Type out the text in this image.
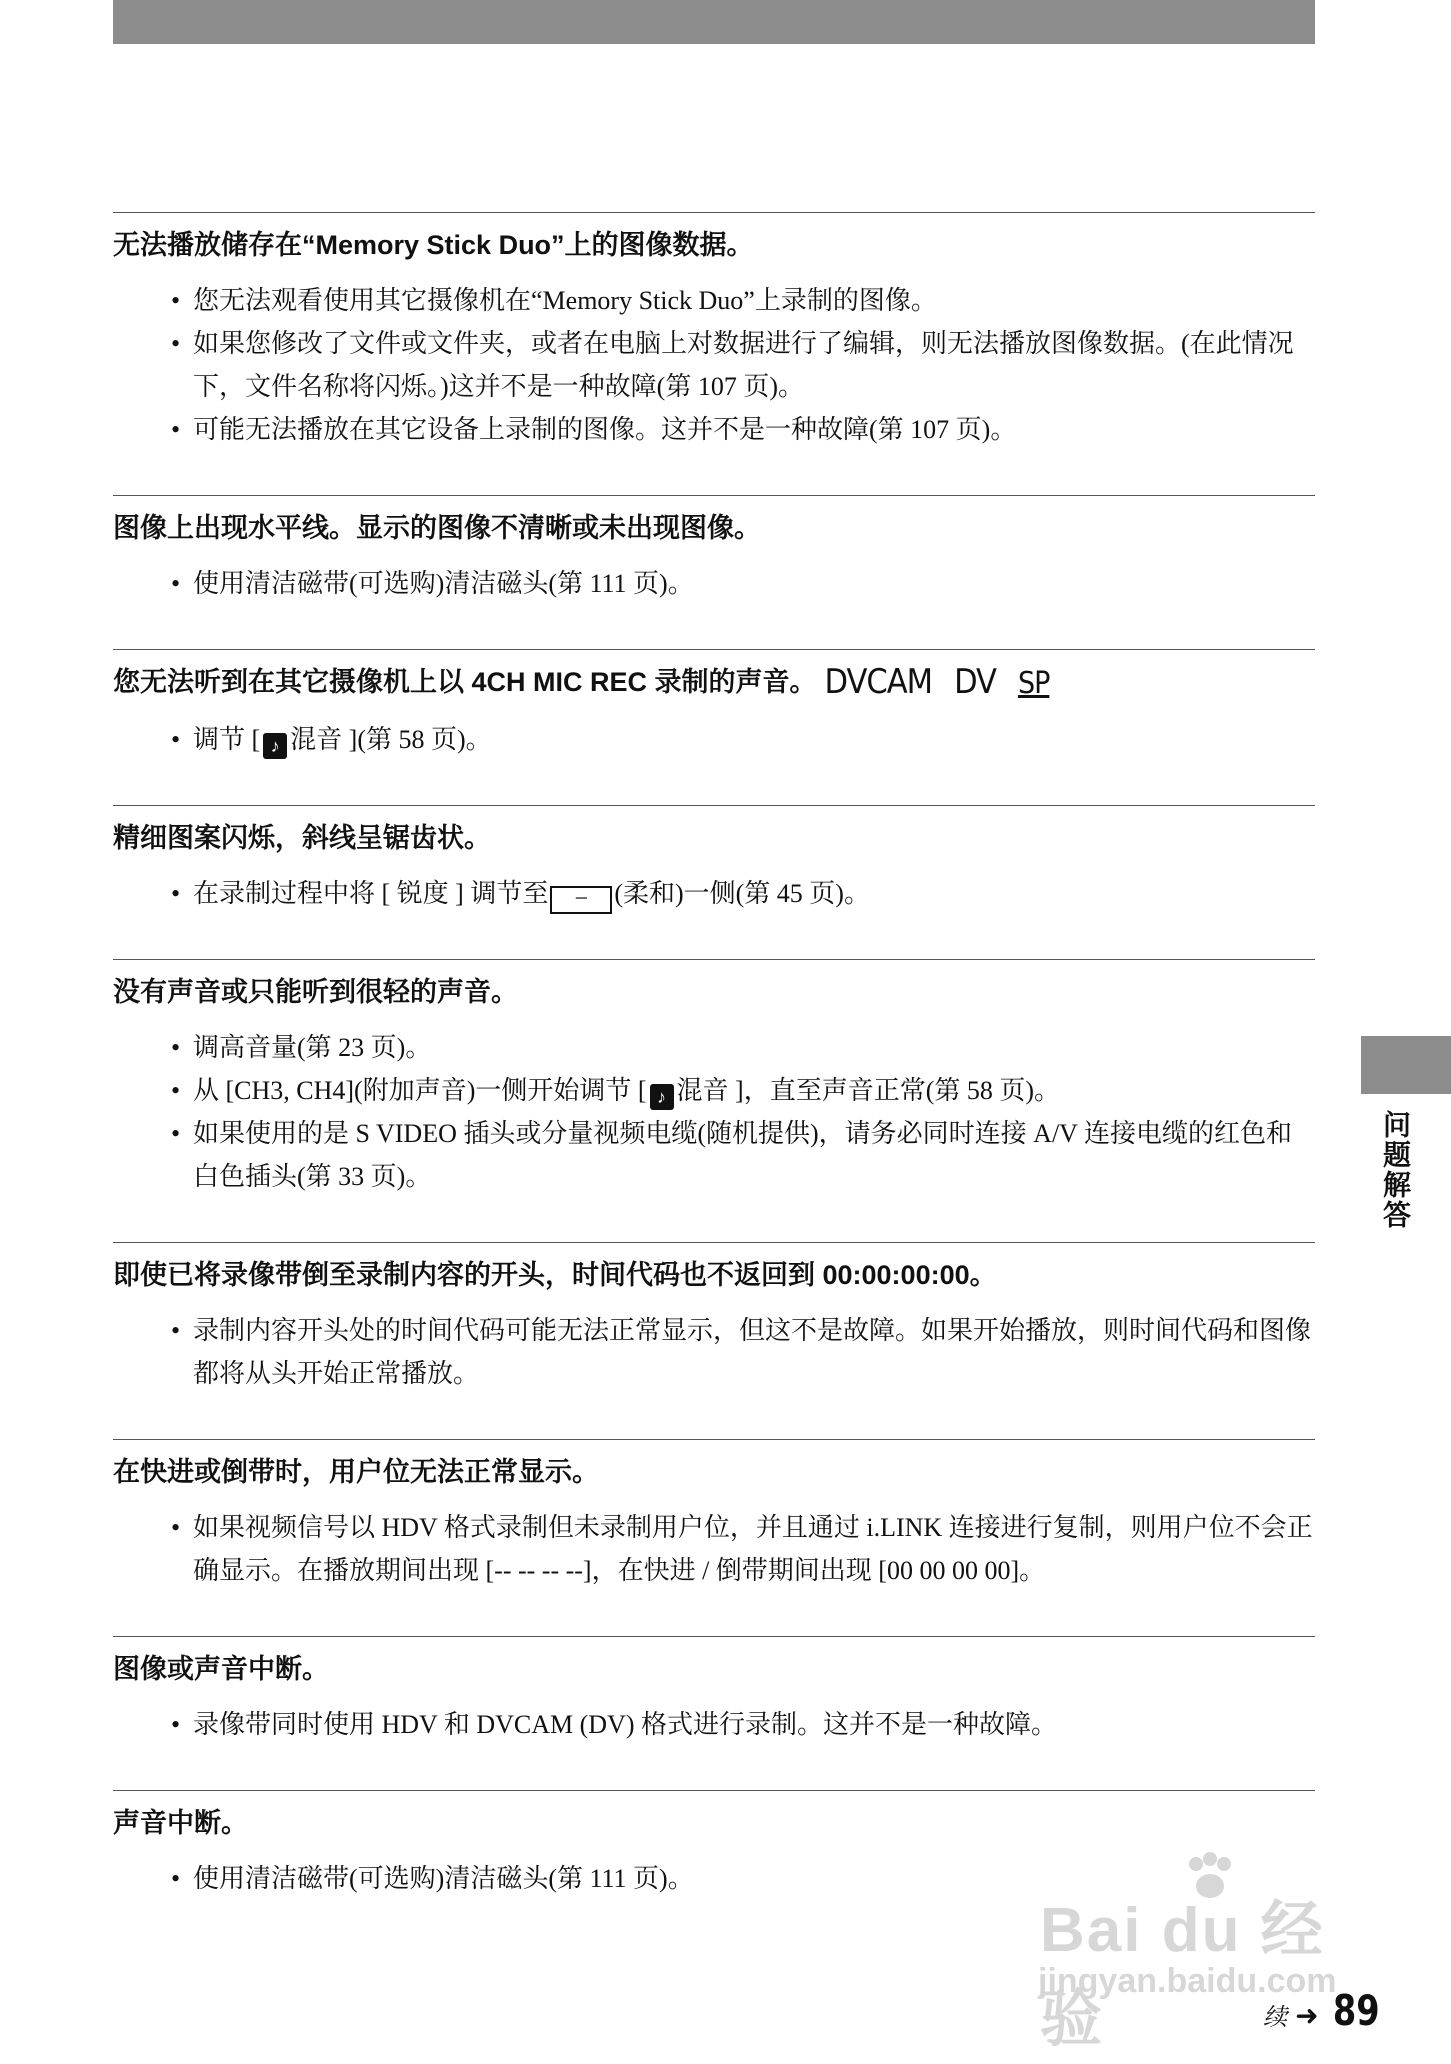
无法播放储存在“Memory Stick Duo”上的图像数据。
• 您无法观看使用其它摄像机在“Memory Stick Duo”上录制的图像。
• 如果您修改了文件或文件夹，或者在电脑上对数据进行了编辑，则无法播放图像数据。(在此情况下，文件名称将闪烁。)这并不是一种故障(第 107 页)。
• 可能无法播放在其它设备上录制的图像。这并不是一种故障(第 107 页)。
图像上出现水平线。显示的图像不清晰或未出现图像。
• 使用清洁磁带(可选购)清洁磁头(第 111 页)。
您无法听到在其它摄像机上以 4CH MIC REC 录制的声音。 DVCAM DV SP
• 调节 [ ♪ 混音 ](第 58 页)。
精细图案闪烁，斜线呈锯齿状。
• 在录制过程中将 [ 锐度 ] 调节至 − (柔和)一侧(第 45 页)。
没有声音或只能听到很轻的声音。
• 调高音量(第 23 页)。
• 从 [CH3, CH4](附加声音)一侧开始调节 [ ♪ 混音 ]，直至声音正常(第 58 页)。
• 如果使用的是 S VIDEO 插头或分量视频电缆(随机提供)，请务必同时连接 A/V 连接电缆的红色和白色插头(第 33 页)。
即使已将录像带倒至录制内容的开头，时间代码也不返回到 00:00:00:00。
• 录制内容开头处的时间代码可能无法正常显示，但这不是故障。如果开始播放，则时间代码和图像都将从头开始正常播放。
在快进或倒带时，用户位无法正常显示。
• 如果视频信号以 HDV 格式录制但未录制用户位，并且通过 i.LINK 连接进行复制，则用户位不会正确显示。在播放期间出现 [-- -- -- --]，在快进 / 倒带期间出现 [00 00 00 00]。
图像或声音中断。
• 录像带同时使用 HDV 和 DVCAM (DV) 格式进行录制。这并不是一种故障。
声音中断。
• 使用清洁磁带(可选购)清洁磁头(第 111 页)。
问题解答
Bai du 经验
jingyan.baidu.com
续 ➜ 89
